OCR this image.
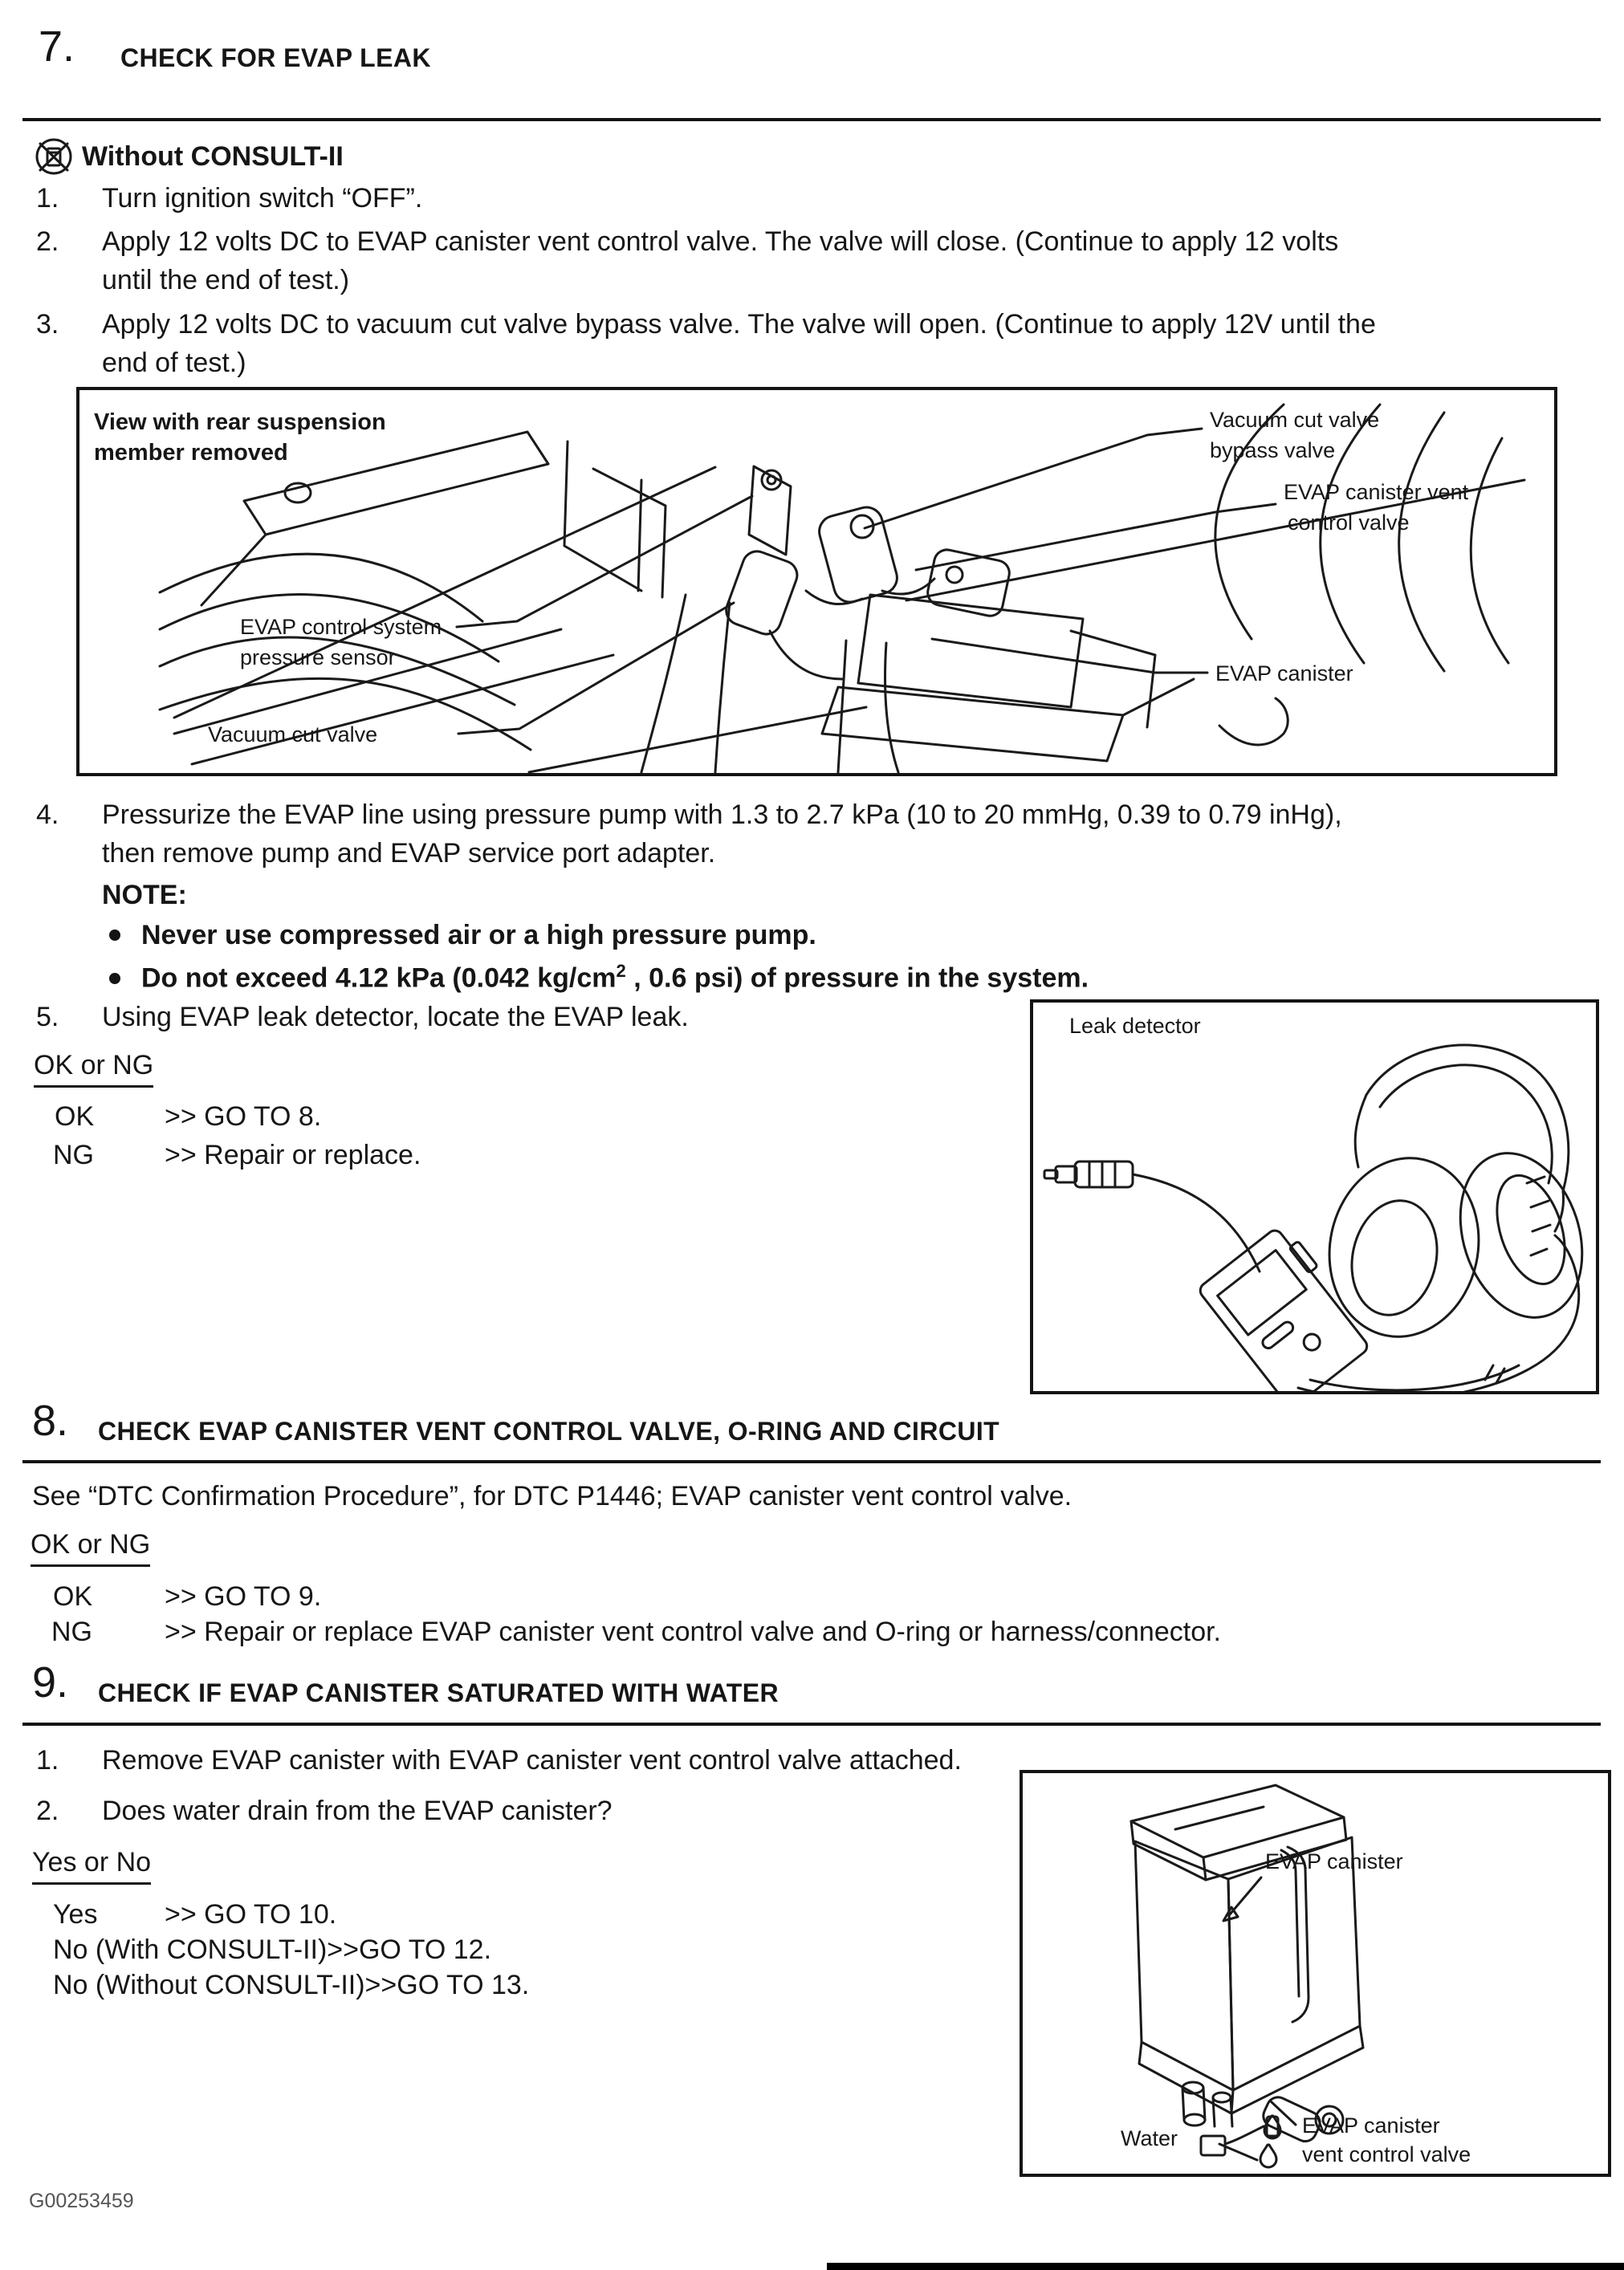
7. CHECK FOR EVAP LEAK
Without CONSULT-II
1. Turn ignition switch “OFF”.
2. Apply 12 volts DC to EVAP canister vent control valve. The valve will close. (Continue to apply 12 volts
until the end of test.)
3. Apply 12 volts DC to vacuum cut valve bypass valve. The valve will open. (Continue to apply 12V until the
end of test.)
View with rear suspension
member removed
Vacuum cut valve
bypass valve
EVAP canister vent
control valve
EVAP canister
EVAP control system
pressure sensor
Vacuum cut valve
4. Pressurize the EVAP line using pressure pump with 1.3 to 2.7 kPa (10 to 20 mmHg, 0.39 to 0.79 inHg),
then remove pump and EVAP service port adapter.
NOTE:
Never use compressed air or a high pressure pump.
Do not exceed 4.12 kPa (0.042 $kg/cm^2$ , 0.6 psi) of pressure in the system.
5. Using EVAP leak detector, locate the EVAP leak.
OK or NG
OK	>> GO TO 8.
NG	>> Repair or replace.
Leak detector
8. CHECK EVAP CANISTER VENT CONTROL VALVE, O-RING AND CIRCUIT
See “DTC Confirmation Procedure”, for DTC P1446; EVAP canister vent control valve.
OK or NG
OK	>> GO TO 9.
NG	>> Repair or replace EVAP canister vent control valve and O-ring or harness/connector.
9. CHECK IF EVAP CANISTER SATURATED WITH WATER
1. Remove EVAP canister with EVAP canister vent control valve attached.
2. Does water drain from the EVAP canister?
Yes or No
Yes >> GO TO 10.
No (With CONSULT-II)>>GO TO 12.
No (Without CONSULT-II)>>GO TO 13.
EVAP canister
Water
EVAP canister
vent control valve
G00253459
